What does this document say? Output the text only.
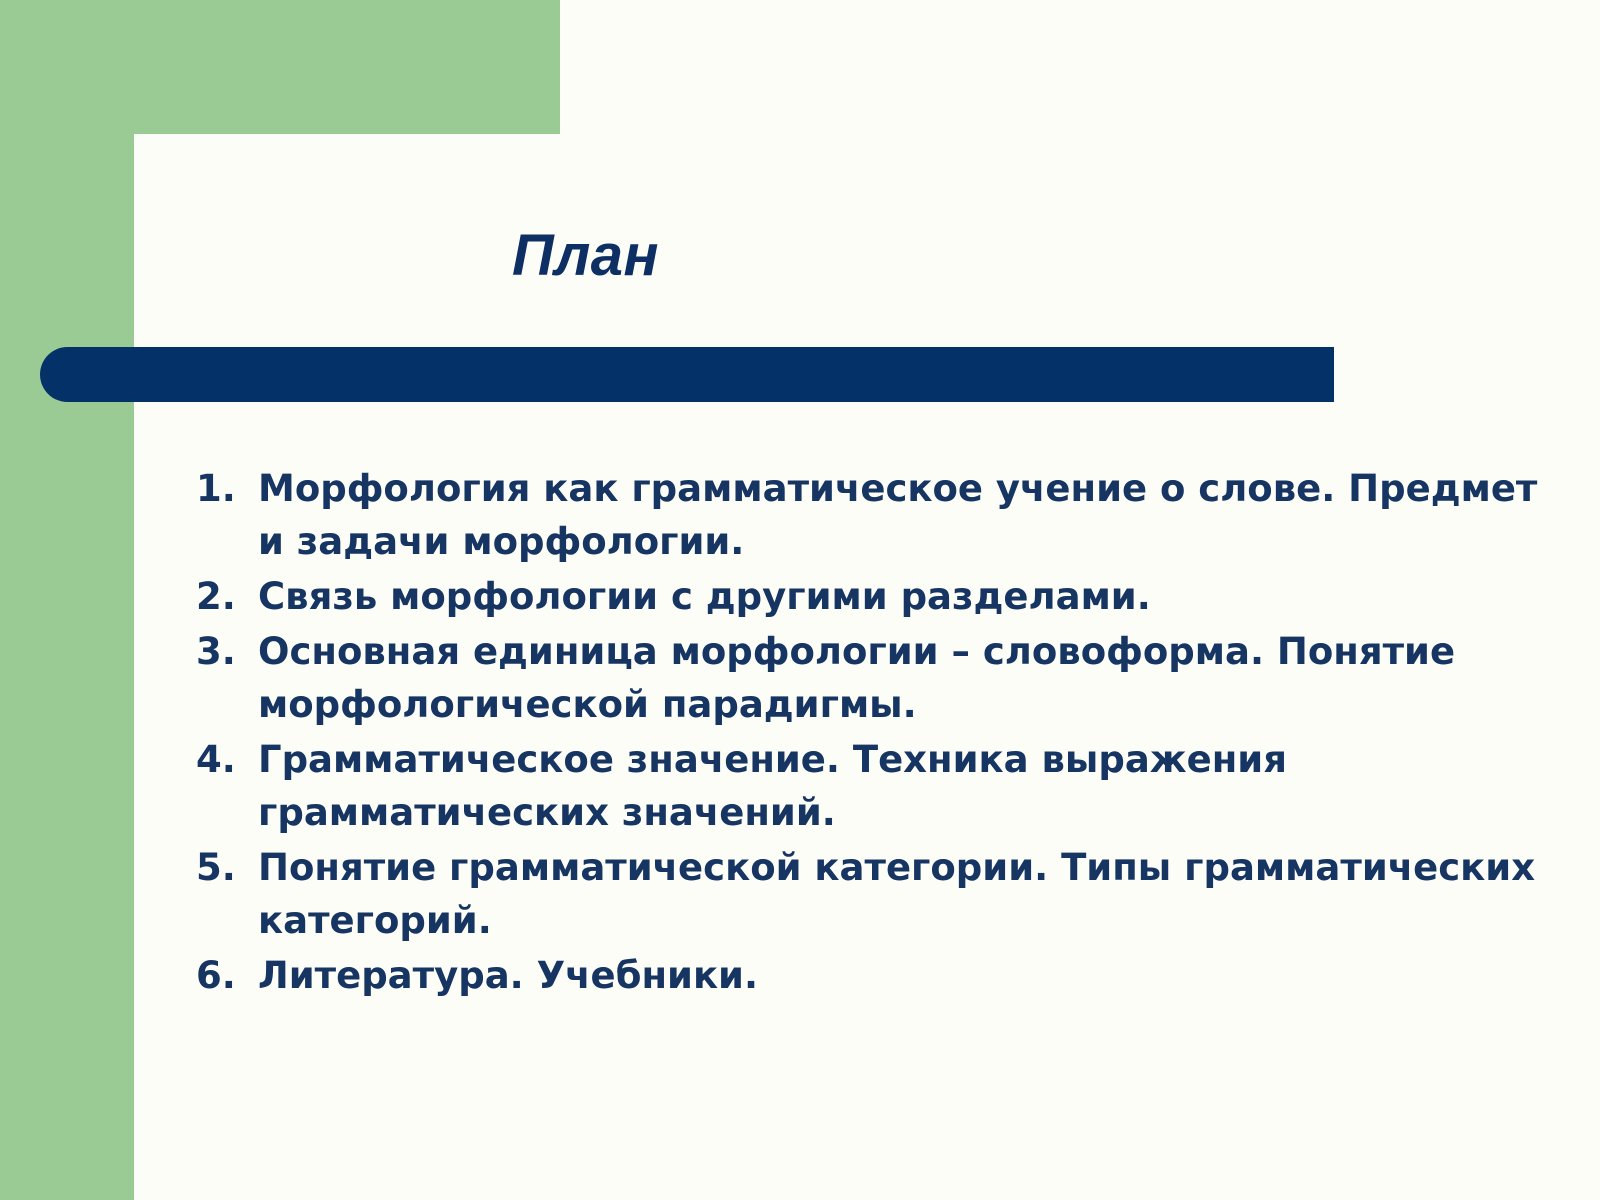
План
1. Морфология как грамматическое учение о слове. Предмет и задачи морфологии.
2. Связь морфологии с другими разделами.
3. Основная единица морфологии – словоформа. Понятие морфологической парадигмы.
4. Грамматическое значение. Техника выражения грамматических значений.
5. Понятие грамматической категории. Типы грамматических категорий.
6. Литература. Учебники.
